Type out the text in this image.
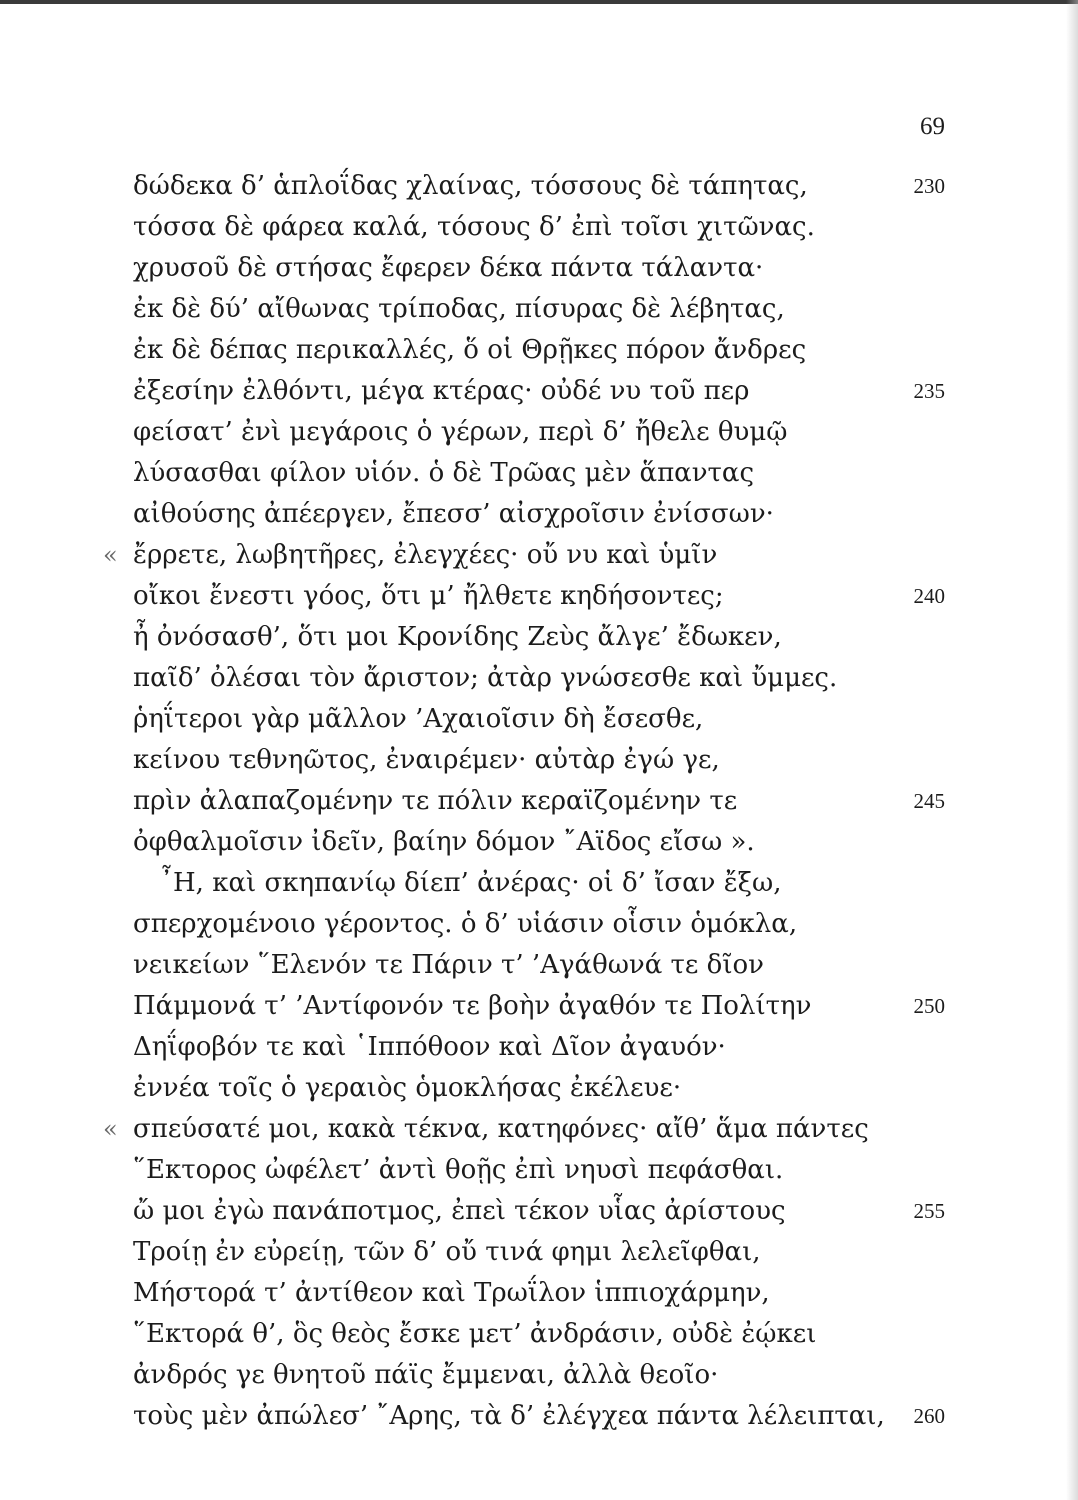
69
δώδεκα δ’ ἁπλοΐδας χλαίνας, τόσσους δὲ τάπητας,	230
τόσσα δὲ φάρεα καλά, τόσους δ’ ἐπὶ τοῖσι χιτῶνας.
χρυσοῦ δὲ στήσας ἔφερεν δέκα πάντα τάλαντα·
ἐκ δὲ δύ’ αἴθωνας τρίποδας, πίσυρας δὲ λέβητας,
ἐκ δὲ δέπας περικαλλές, ὅ οἱ Θρῇκες πόρον ἄνδρες
ἐξεσίην ἐλθόντι, μέγα κτέρας· οὐδέ νυ τοῦ περ	235
φείσατ’ ἐνὶ μεγάροις ὁ γέρων, περὶ δ’ ἤθελε θυμῷ
λύσασθαι φίλον υἱόν. ὁ δὲ Τρῶας μὲν ἅπαντας
αἰθούσης ἀπέεργεν, ἔπεσσ’ αἰσχροῖσιν ἐνίσσων·
« ἔρρετε, λωβητῆρες, ἐλεγχέες· οὔ νυ καὶ ὑμῖν
οἴκοι ἔνεστι γόος, ὅτι μ’ ἤλθετε κηδήσοντες;	240
ἦ ὀνόσασθ’, ὅτι μοι Κρονίδης Ζεὺς ἄλγε’ ἔδωκεν,
παῖδ’ ὀλέσαι τὸν ἄριστον; ἀτὰρ γνώσεσθε καὶ ὔμμες.
ῥηΐτεροι γὰρ μᾶλλον ’Αχαιοῖσιν δὴ ἔσεσθε,
κείνου τεθνηῶτος, ἐναιρέμεν· αὐτὰρ ἐγώ γε,
πρὶν ἀλαπαζομένην τε πόλιν κεραϊζομένην τε	245
ὀφθαλμοῖσιν ἰδεῖν, βαίην δόμον ῎Αϊδος εἴσω ».
῏Η, καὶ σκηπανίῳ δίεπ’ ἀνέρας· οἱ δ’ ἴσαν ἔξω,
σπερχομένοιο γέροντος. ὁ δ’ υἱάσιν οἷσιν ὁμόκλα,
νεικείων ῞Ελενόν τε Πάριν τ’ ’Αγάθωνά τε δῖον
Πάμμονά τ’ ’Αντίφονόν τε βοὴν ἀγαθόν τε Πολίτην	250
Δηΐφοβόν τε καὶ ῾Ιππόθοον καὶ Δῖον ἀγαυόν·
ἐννέα τοῖς ὁ γεραιὸς ὁμοκλήσας ἐκέλευε·
« σπεύσατέ μοι, κακὰ τέκνα, κατηφόνες· αἴθ’ ἅμα πάντες
῞Εκτορος ὠφέλετ’ ἀντὶ θοῇς ἐπὶ νηυσὶ πεφάσθαι.
ὤ μοι ἐγὼ πανάποτμος, ἐπεὶ τέκον υἷας ἀρίστους	255
Τροίῃ ἐν εὐρείῃ, τῶν δ’ οὔ τινά φημι λελεῖφθαι,
Μήστορά τ’ ἀντίθεον καὶ Τρωΐλον ἱππιοχάρμην,
῞Εκτορά θ’, ὃς θεὸς ἔσκε μετ’ ἀνδράσιν, οὐδὲ ἐῴκει
ἀνδρός γε θνητοῦ πάϊς ἔμμεναι, ἀλλὰ θεοῖο·
τοὺς μὲν ἀπώλεσ’ ῎Αρης, τὰ δ’ ἐλέγχεα πάντα λέλειπται,	260
